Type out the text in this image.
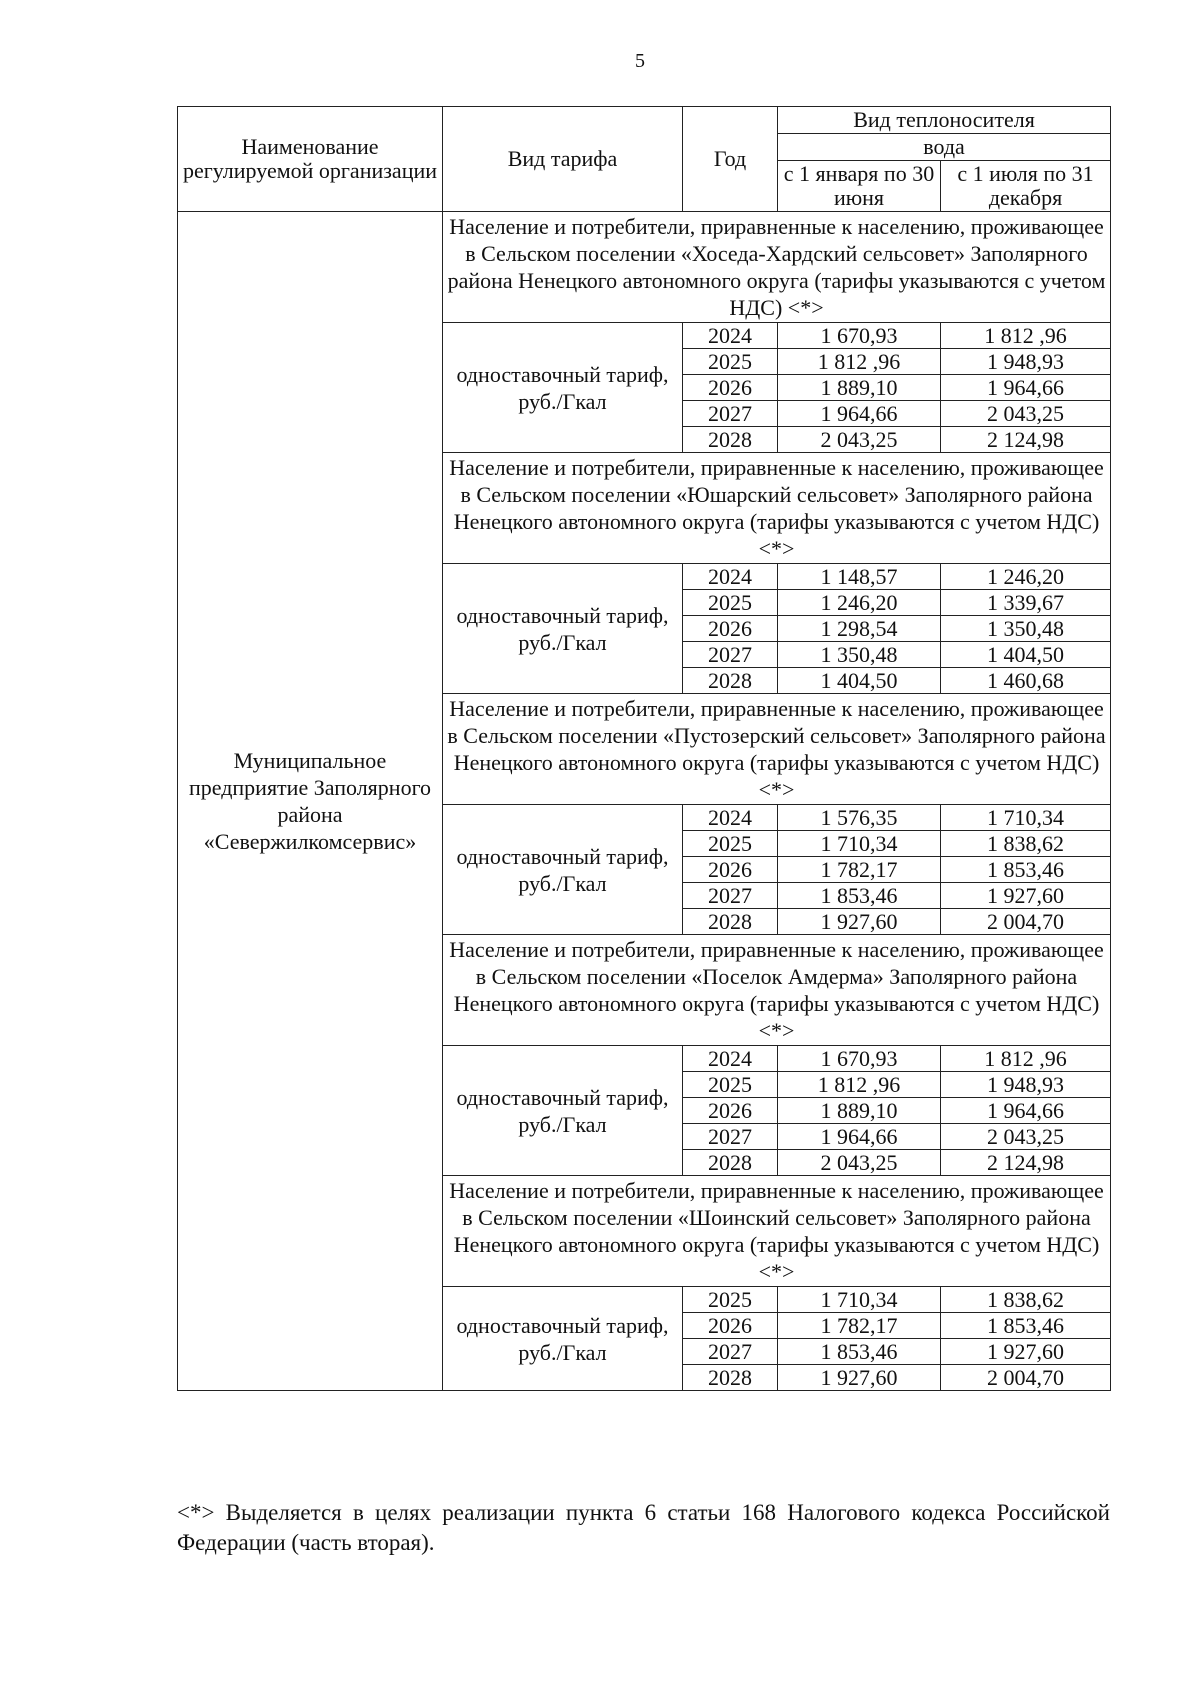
5
Наименование регулируемой организации	Вид тарифа	Год	Вид теплоносителя	
			вода	
			с 1 января по 30 июня	с 1 июля по 31 декабря
Муниципальное предприятие Заполярного района «Севержилкомсервис»	Население и потребители, приравненные к населению, проживающее в Сельском поселении «Хоседа-Хардский сельсовет» Заполярного района Ненецкого автономного округа (тарифы указываются с учетом НДС) <*>			
	одноставочный тариф, руб./Гкал	2024	1 670,93	1 812 ,96
		2025	1 812 ,96	1 948,93
		2026	1 889,10	1 964,66
		2027	1 964,66	2 043,25
		2028	2 043,25	2 124,98
	Население и потребители, приравненные к населению, проживающее в Сельском поселении «Юшарский сельсовет» Заполярного района Ненецкого автономного округа (тарифы указываются с учетом НДС) <*>			
	одноставочный тариф, руб./Гкал	2024	1 148,57	1 246,20
		2025	1 246,20	1 339,67
		2026	1 298,54	1 350,48
		2027	1 350,48	1 404,50
		2028	1 404,50	1 460,68
	Население и потребители, приравненные к населению, проживающее в Сельском поселении «Пустозерский сельсовет» Заполярного района Ненецкого автономного округа (тарифы указываются с учетом НДС) <*>			
	одноставочный тариф, руб./Гкал	2024	1 576,35	1 710,34
		2025	1 710,34	1 838,62
		2026	1 782,17	1 853,46
		2027	1 853,46	1 927,60
		2028	1 927,60	2 004,70
	Население и потребители, приравненные к населению, проживающее в Сельском поселении «Поселок Амдерма» Заполярного района Ненецкого автономного округа (тарифы указываются с учетом НДС) <*>			
	одноставочный тариф, руб./Гкал	2024	1 670,93	1 812 ,96
		2025	1 812 ,96	1 948,93
		2026	1 889,10	1 964,66
		2027	1 964,66	2 043,25
		2028	2 043,25	2 124,98
	Население и потребители, приравненные к населению, проживающее в Сельском поселении «Шоинский сельсовет» Заполярного района Ненецкого автономного округа (тарифы указываются с учетом НДС) <*>			
	одноставочный тариф, руб./Гкал	2025	1 710,34	1 838,62
		2026	1 782,17	1 853,46
		2027	1 853,46	1 927,60
		2028	1 927,60	2 004,70
<*> Выделяется в целях реализации пункта 6 статьи 168 Налогового кодекса Российской Федерации (часть вторая).
